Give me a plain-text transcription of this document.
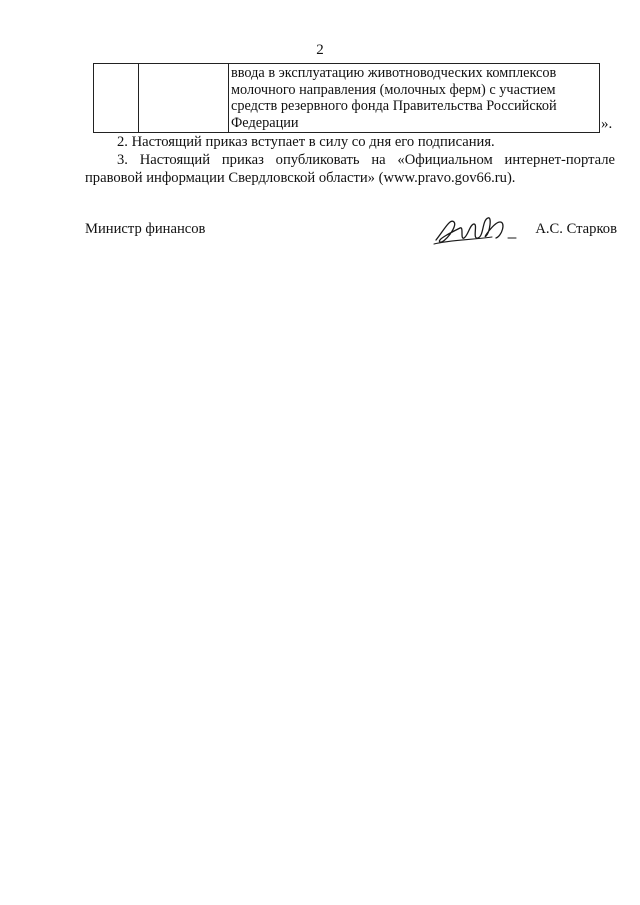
2

ввода в эксплуатацию животноводческих комплексов
молочного направления (молочных ферм) с участием
средств резервного фонда Правительства Российской
Федерации	».
2. Настоящий приказ вступает в силу со дня его подписания.
3. Настоящий приказ опубликовать на «Официальном интернет-портале правовой информации Свердловской области» (www.pravo.gov66.ru).
Министр финансов	А.С. Старков
